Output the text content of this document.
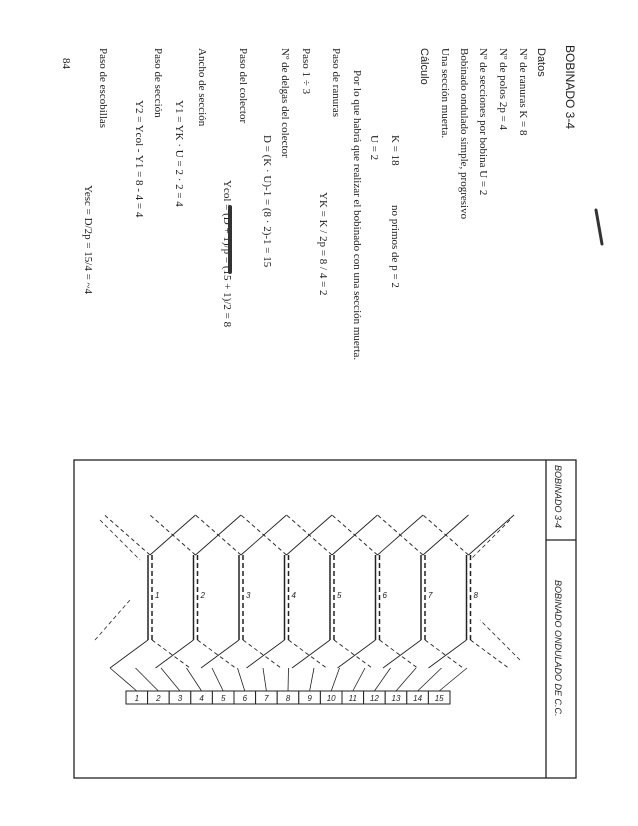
84	BOBINADO 3-4
Datos
Nº de ranuras K = 8
Nº de polos 2p = 4
Nº de secciones por bobina U = 2
Bobinado ondulado simple, progresivo
Una sección muerta.
Cálculo
K = 18
no primos de p = 2
U = 2
Por lo que habrá que realizar el bobinado con una sección muerta.
Paso de ranuras
YK = K / 2p = 8 / 4 = 2
Paso 1 ÷ 3
Nº de delgas del colector
D = (K · U)-1 = (8 · 2)-1 = 15
Paso del colector
Ycol = (D + 1)/p = (15 + 1)/2 = 8
Ancho de sección
Y1 = YK · U = 2 · 2 = 4
Paso de sección
Y2 = Ycol - Y1 = 8 - 4 = 4
Paso de escobillas
Yesc = D/2p = 15/4 = ~4
BOBINADO 3-4
BOBINADO ONDULADO DE C.C.
1 2 3 4 5 6 7 8 9 10 11 12 13 14 15
1	2	3	4	5	6	7	8
